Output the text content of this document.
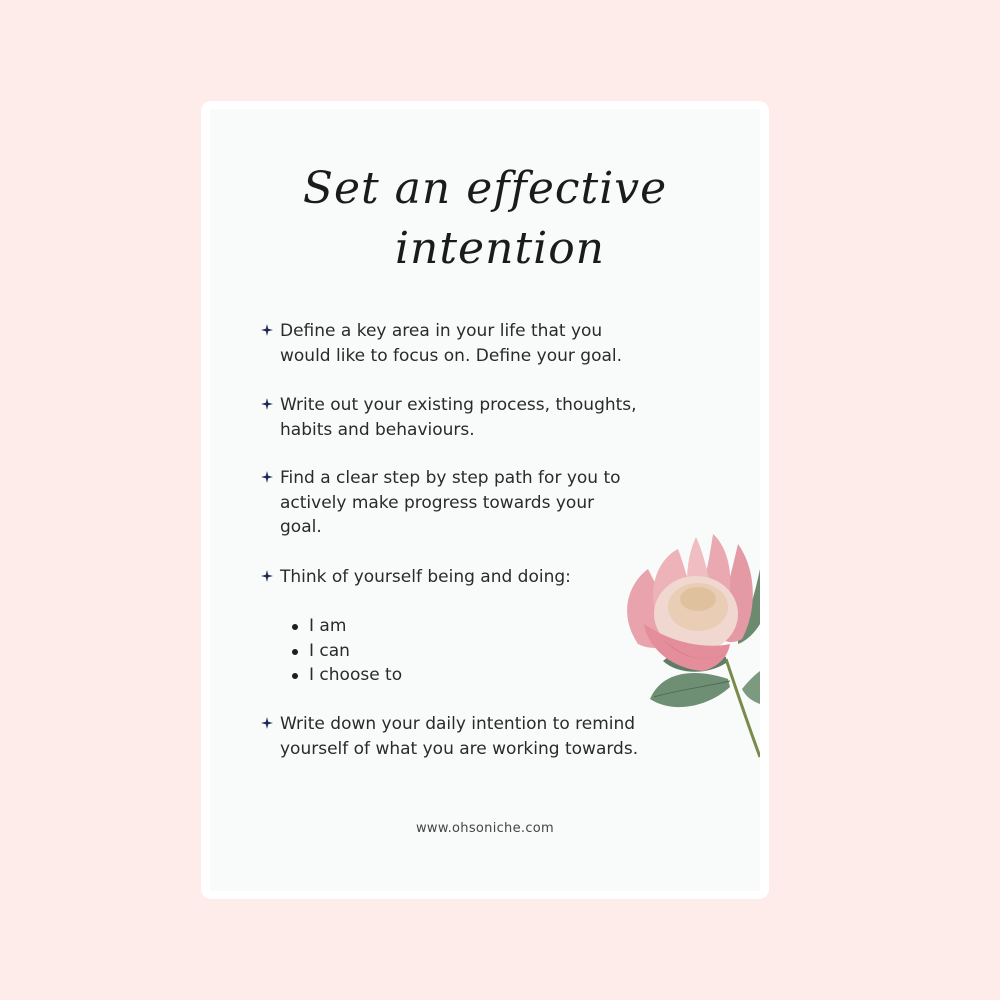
Set an effective
intention
Define a key area in your life that you would like to focus on. Define your goal.
Write out your existing process, thoughts, habits and behaviours.
Find a clear step by step path for you to actively make progress towards your goal.
Think of yourself being and doing:
I am
I can
I choose to
Write down your daily intention to remind yourself of what you are working towards.
www.ohsoniche.com
